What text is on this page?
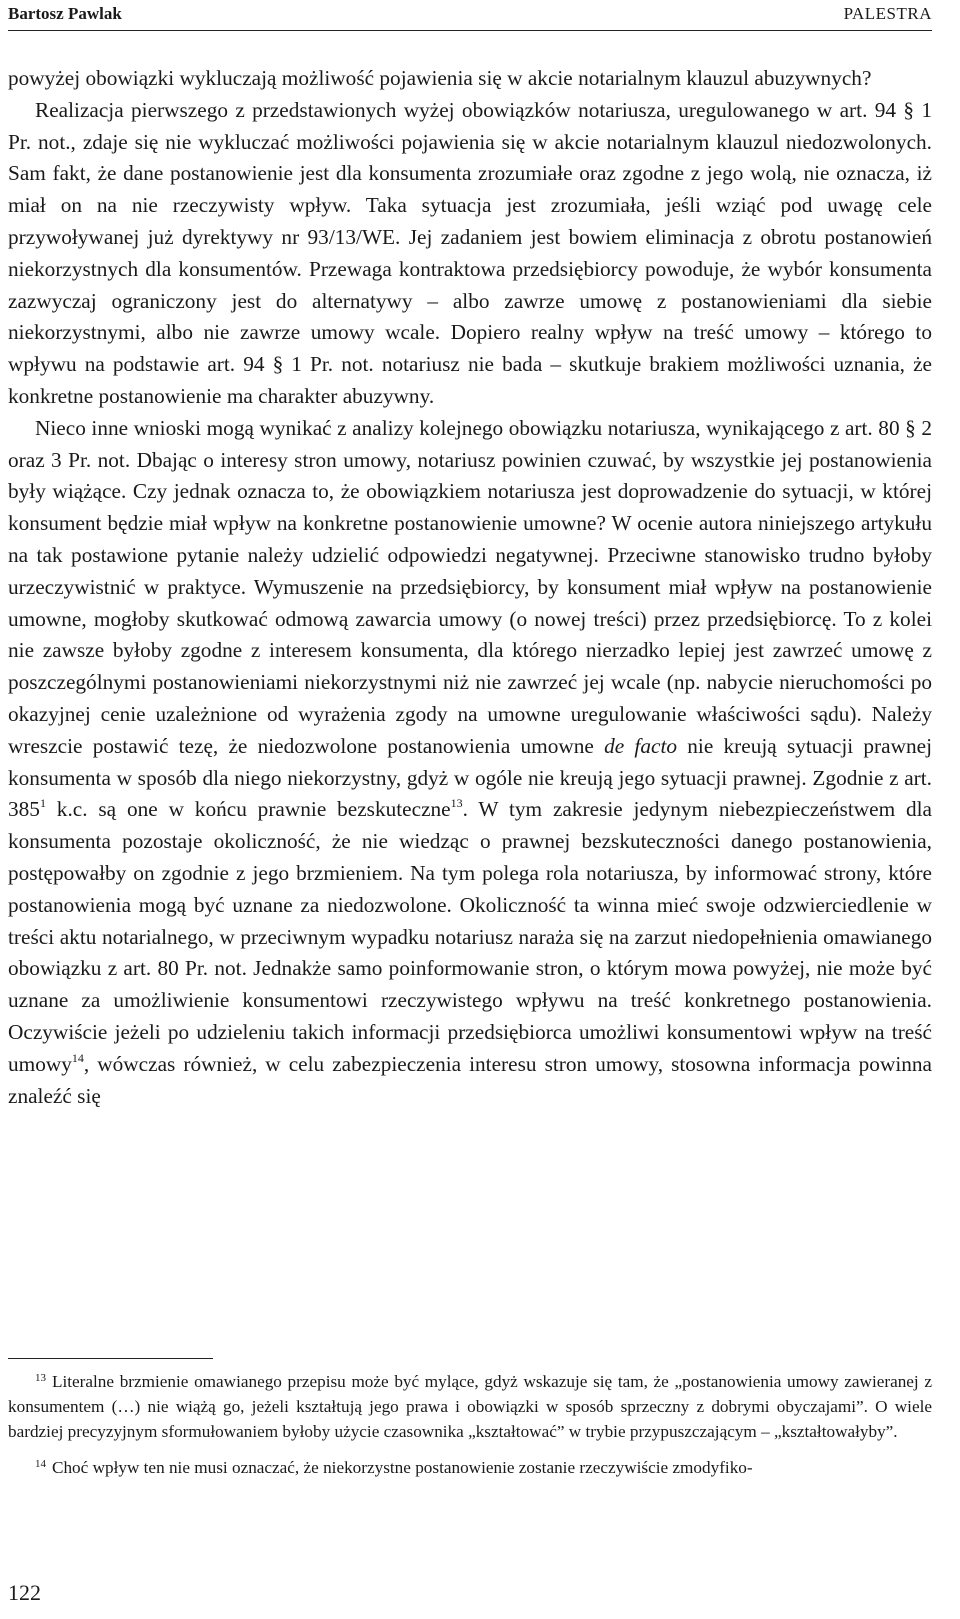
Bartosz Pawlak	PALESTRA

powyżej obowiązki wykluczają możliwość pojawienia się w akcie notarialnym klauzul abuzywnych?

Realizacja pierwszego z przedstawionych wyżej obowiązków notariusza, uregulowanego w art. 94 § 1 Pr. not., zdaje się nie wykluczać możliwości pojawienia się w akcie notarialnym klauzul niedozwolonych. Sam fakt, że dane postanowienie jest dla konsumenta zrozumiałe oraz zgodne z jego wolą, nie oznacza, iż miał on na nie rzeczywisty wpływ. Taka sytuacja jest zrozumiała, jeśli wziąć pod uwagę cele przywoływanej już dyrektywy nr 93/13/WE. Jej zadaniem jest bowiem eliminacja z obrotu postanowień niekorzystnych dla konsumentów. Przewaga kontraktowa przedsiębiorcy powoduje, że wybór konsumenta zazwyczaj ograniczony jest do alternatywy – albo zawrze umowę z postanowieniami dla siebie niekorzystnymi, albo nie zawrze umowy wcale. Dopiero realny wpływ na treść umowy – którego to wpływu na podstawie art. 94 § 1 Pr. not. notariusz nie bada – skutkuje brakiem możliwości uznania, że konkretne postanowienie ma charakter abuzywny.

Nieco inne wnioski mogą wynikać z analizy kolejnego obowiązku notariusza, wynikającego z art. 80 § 2 oraz 3 Pr. not. Dbając o interesy stron umowy, notariusz powinien czuwać, by wszystkie jej postanowienia były wiążące. Czy jednak oznacza to, że obowiązkiem notariusza jest doprowadzenie do sytuacji, w której konsument będzie miał wpływ na konkretne postanowienie umowne? W ocenie autora niniejszego artykułu na tak postawione pytanie należy udzielić odpowiedzi negatywnej. Przeciwne stanowisko trudno byłoby urzeczywistnić w praktyce. Wymuszenie na przedsiębiorcy, by konsument miał wpływ na postanowienie umowne, mogłoby skutkować odmową zawarcia umowy (o nowej treści) przez przedsiębiorcę. To z kolei nie zawsze byłoby zgodne z interesem konsumenta, dla którego nierzadko lepiej jest zawrzeć umowę z poszczególnymi postanowieniami niekorzystnymi niż nie zawrzeć jej wcale (np. nabycie nieruchomości po okazyjnej cenie uzależnione od wyrażenia zgody na umowne uregulowanie właściwości sądu). Należy wreszcie postawić tezę, że niedozwolone postanowienia umowne de facto nie kreują sytuacji prawnej konsumenta w sposób dla niego niekorzystny, gdyż w ogóle nie kreują jego sytuacji prawnej. Zgodnie z art. $385^1$ k.c. są one w końcu prawnie bezskuteczne$^{13}$. W tym zakresie jedynym niebezpieczeństwem dla konsumenta pozostaje okoliczność, że nie wiedząc o prawnej bezskuteczności danego postanowienia, postępowałby on zgodnie z jego brzmieniem. Na tym polega rola notariusza, by informować strony, które postanowienia mogą być uznane za niedozwolone. Okoliczność ta winna mieć swoje odzwierciedlenie w treści aktu notarialnego, w przeciwnym wypadku notariusz naraża się na zarzut niedopełnienia omawianego obowiązku z art. 80 Pr. not. Jednakże samo poinformowanie stron, o którym mowa powyżej, nie może być uznane za umożliwienie konsumentowi rzeczywistego wpływu na treść konkretnego postanowienia. Oczywiście jeżeli po udzieleniu takich informacji przedsiębiorca umożliwi konsumentowi wpływ na treść umowy$^{14}$, wówczas również, w celu zabezpieczenia interesu stron umowy, stosowna informacja powinna znaleźć się

$^{13}$ Literalne brzmienie omawianego przepisu może być mylące, gdyż wskazuje się tam, że „postanowienia umowy zawieranej z konsumentem (…) nie wiążą go, jeżeli kształtują jego prawa i obowiązki w sposób sprzeczny z dobrymi obyczajami”. O wiele bardziej precyzyjnym sformułowaniem byłoby użycie czasownika „kształtować” w trybie przypuszczającym – „kształtowałyby”.

$^{14}$ Choć wpływ ten nie musi oznaczać, że niekorzystne postanowienie zostanie rzeczywiście zmodyfiko-

122
